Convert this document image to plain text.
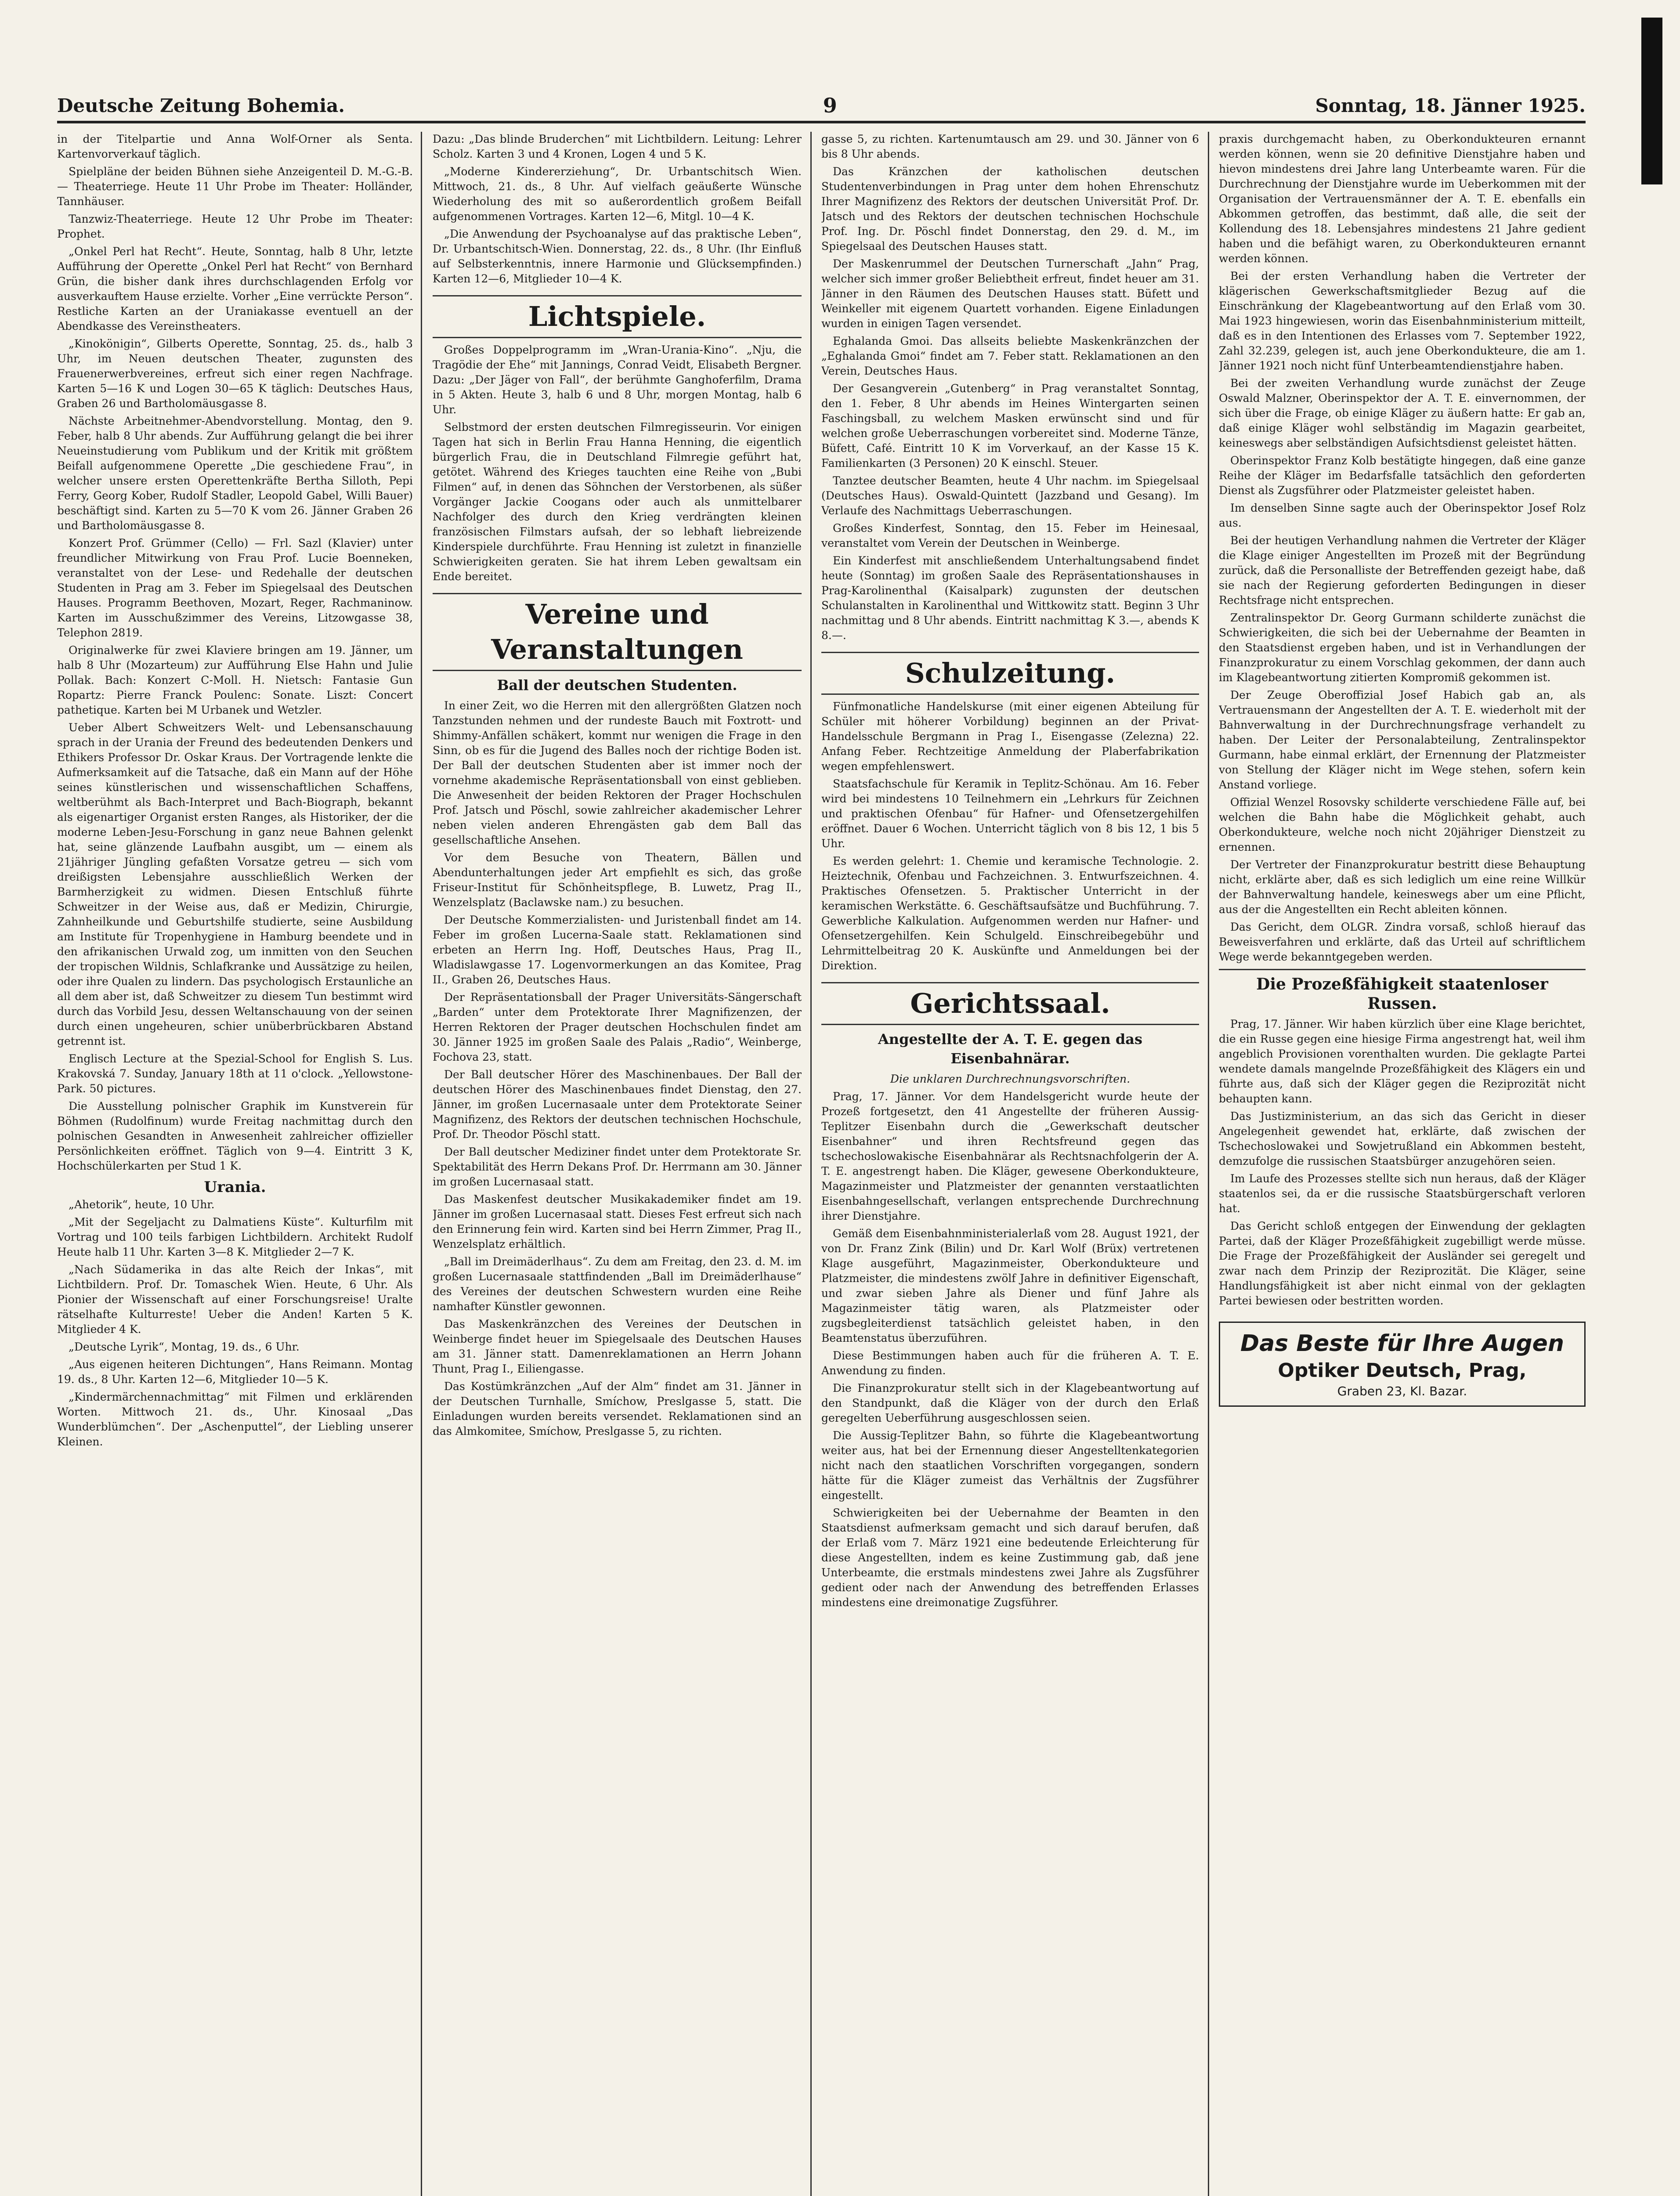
Deutsche Zeitung Bohemia.	9	Sonntag, 18. Jänner 1925.

in der Titelpartie und Anna Wolf-Orner als Senta. Kartenvorverkauf täglich.

Spielpläne der beiden Bühnen siehe Anzeigenteil D. M.-G.-B. — Theaterriege. Heute 11 Uhr Probe im Theater: Holländer, Tannhäuser.

Tanzwiz-Theaterriege. Heute 12 Uhr Probe im Theater: Prophet.

„Onkel Perl hat Recht“. Heute, Sonntag, halb 8 Uhr, letzte Aufführung der Operette „Onkel Perl hat Recht“ von Bernhard Grün, die bisher dank ihres durchschlagenden Erfolg vor ausverkauftem Hause erzielte. Vorher „Eine verrückte Person“. Restliche Karten an der Uraniakasse eventuell an der Abendkasse des Vereinstheaters.

„Kinokönigin“, Gilberts Operette, Sonntag, 25. ds., halb 3 Uhr, im Neuen deutschen Theater, zugunsten des Frauenerwerbvereines, erfreut sich einer regen Nachfrage. Karten 5—16 K und Logen 30—65 K täglich: Deutsches Haus, Graben 26 und Bartholomäusgasse 8.

Nächste Arbeitnehmer-Abendvorstellung. Montag, den 9. Feber, halb 8 Uhr abends. Zur Aufführung gelangt die bei ihrer Neueinstudierung vom Publikum und der Kritik mit größtem Beifall aufgenommene Operette „Die geschiedene Frau“, in welcher unsere ersten Operettenkräfte Bertha Silloth, Pepi Ferry, Georg Kober, Rudolf Stadler, Leopold Gabel, Willi Bauer) beschäftigt sind. Karten zu 5—70 K vom 26. Jänner Graben 26 und Bartholomäusgasse 8.

Konzert Prof. Grümmer (Cello) — Frl. Sazl (Klavier) unter freundlicher Mitwirkung von Frau Prof. Lucie Boenneken, veranstaltet von der Lese- und Redehalle der deutschen Studenten in Prag am 3. Feber im Spiegelsaal des Deutschen Hauses. Programm Beethoven, Mozart, Reger, Rachmaninow. Karten im Ausschußzimmer des Vereins, Litzowgasse 38, Telephon 2819.

Originalwerke für zwei Klaviere bringen am 19. Jänner, um halb 8 Uhr (Mozarteum) zur Aufführung Else Hahn und Julie Pollak. Bach: Konzert C-Moll. H. Nietsch: Fantasie Gun Ropartz: Pierre Franck Poulenc: Sonate. Liszt: Concert pathetique. Karten bei M Urbanek und Wetzler.

Ueber Albert Schweitzers Welt- und Lebensanschauung sprach in der Urania der Freund des bedeutenden Denkers und Ethikers Professor Dr. Oskar Kraus. Der Vortragende lenkte die Aufmerksamkeit auf die Tatsache, daß ein Mann auf der Höhe seines künstlerischen und wissenschaftlichen Schaffens, weltberühmt als Bach-Interpret und Bach-Biograph, bekannt als eigenartiger Organist ersten Ranges, als Historiker, der die moderne Leben-Jesu-Forschung in ganz neue Bahnen gelenkt hat, seine glänzende Laufbahn ausgibt, um — einem als 21jähriger Jüngling gefaßten Vorsatze getreu — sich vom dreißigsten Lebensjahre ausschließlich Werken der Barmherzigkeit zu widmen. Diesen Entschluß führte Schweitzer in der Weise aus, daß er Medizin, Chirurgie, Zahnheilkunde und Geburtshilfe studierte, seine Ausbildung am Institute für Tropenhygiene in Hamburg beendete und in den afrikanischen Urwald zog, um inmitten von den Seuchen der tropischen Wildnis, Schlafkranke und Aussätzige zu heilen, oder ihre Qualen zu lindern. Das psychologisch Erstaunliche an all dem aber ist, daß Schweitzer zu diesem Tun bestimmt wird durch das Vorbild Jesu, dessen Weltanschauung von der seinen durch einen ungeheuren, schier unüberbrückbaren Abstand getrennt ist.

Englisch Lecture at the Spezial-School for English S. Lus. Krakovská 7. Sunday, January 18th at 11 o'clock. „Yellowstone-Park. 50 pictures.

Die Ausstellung polnischer Graphik im Kunstverein für Böhmen (Rudolfinum) wurde Freitag nachmittag durch den polnischen Gesandten in Anwesenheit zahlreicher offizieller Persönlichkeiten eröffnet. Täglich von 9—4. Eintritt 3 K, Hochschülerkarten per Stud 1 K.

Urania.

„Ahetorik“, heute, 10 Uhr.

„Mit der Segeljacht zu Dalmatiens Küste“. Kulturfilm mit Vortrag und 100 teils farbigen Lichtbildern. Architekt Rudolf Heute halb 11 Uhr. Karten 3—8 K. Mitglieder 2—7 K.

„Nach Südamerika in das alte Reich der Inkas“, mit Lichtbildern. Prof. Dr. Tomaschek Wien. Heute, 6 Uhr. Als Pionier der Wissenschaft auf einer Forschungsreise! Uralte rätselhafte Kulturreste! Ueber die Anden! Karten 5 K. Mitglieder 4 K.

„Deutsche Lyrik“, Montag, 19. ds., 6 Uhr.

„Aus eigenen heiteren Dichtungen“, Hans Reimann. Montag 19. ds., 8 Uhr. Karten 12—6, Mitglieder 10—5 K.

„Kindermärchennachmittag“ mit Filmen und erklärenden Worten. Mittwoch 21. ds., Uhr. Kinosaal „Das Wunderblümchen“. Der „Aschenputtel“, der Liebling unserer Kleinen.

Dazu: „Das blinde Bruderchen“ mit Lichtbildern. Leitung: Lehrer Scholz. Karten 3 und 4 Kronen, Logen 4 und 5 K.

„Moderne Kindererziehung“, Dr. Urbantschitsch Wien. Mittwoch, 21. ds., 8 Uhr. Auf vielfach geäußerte Wünsche Wiederholung des mit so außerordentlich großem Beifall aufgenommenen Vortrages. Karten 12—6, Mitgl. 10—4 K.

„Die Anwendung der Psychoanalyse auf das praktische Leben“, Dr. Urbantschitsch-Wien. Donnerstag, 22. ds., 8 Uhr. (Ihr Einfluß auf Selbsterkenntnis, innere Harmonie und Glücksempfinden.) Karten 12—6, Mitglieder 10—4 K.

Lichtspiele.

Großes Doppelprogramm im „Wran-Urania-Kino“. „Nju, die Tragödie der Ehe“ mit Jannings, Conrad Veidt, Elisabeth Bergner. Dazu: „Der Jäger von Fall“, der berühmte Ganghoferfilm, Drama in 5 Akten. Heute 3, halb 6 und 8 Uhr, morgen Montag, halb 6 Uhr.

Selbstmord der ersten deutschen Filmregisseurin. Vor einigen Tagen hat sich in Berlin Frau Hanna Henning, die eigentlich bürgerlich Frau, die in Deutschland Filmregie geführt hat, getötet. Während des Krieges tauchten eine Reihe von „Bubi Filmen“ auf, in denen das Söhnchen der Verstorbenen, als süßer Vorgänger Jackie Coogans oder auch als unmittelbarer Nachfolger des durch den Krieg verdrängten kleinen französischen Filmstars aufsah, der so lebhaft liebreizende Kinderspiele durchführte. Frau Henning ist zuletzt in finanzielle Schwierigkeiten geraten. Sie hat ihrem Leben gewaltsam ein Ende bereitet.

Vereine und Veranstaltungen
Ball der deutschen Studenten.

In einer Zeit, wo die Herren mit den allergrößten Glatzen noch Tanzstunden nehmen und der rundeste Bauch mit Foxtrott- und Shimmy-Anfällen schäkert, kommt nur wenigen die Frage in den Sinn, ob es für die Jugend des Balles noch der richtige Boden ist. Der Ball der deutschen Studenten aber ist immer noch der vornehme akademische Repräsentationsball von einst geblieben. Die Anwesenheit der beiden Rektoren der Prager Hochschulen Prof. Jatsch und Pöschl, sowie zahlreicher akademischer Lehrer neben vielen anderen Ehrengästen gab dem Ball das gesellschaftliche Ansehen.

Vor dem Besuche von Theatern, Bällen und Abendunterhaltungen jeder Art empfiehlt es sich, das große Friseur-Institut für Schönheitspflege, B. Luwetz, Prag II., Wenzelsplatz (Baclawske nam.) zu besuchen.

Der Deutsche Kommerzialisten- und Juristenball findet am 14. Feber im großen Lucerna-Saale statt. Reklamationen sind erbeten an Herrn Ing. Hoff, Deutsches Haus, Prag II., Wladislawgasse 17. Logenvormerkungen an das Komitee, Prag II., Graben 26, Deutsches Haus.

Der Repräsentationsball der Prager Universitäts-Sängerschaft „Barden“ unter dem Protektorate Ihrer Magnifizenzen, der Herren Rektoren der Prager deutschen Hochschulen findet am 30. Jänner 1925 im großen Saale des Palais „Radio“, Weinberge, Fochova 23, statt.

Der Ball deutscher Hörer des Maschinenbaues. Der Ball der deutschen Hörer des Maschinenbaues findet Dienstag, den 27. Jänner, im großen Lucernasaale unter dem Protektorate Seiner Magnifizenz, des Rektors der deutschen technischen Hochschule, Prof. Dr. Theodor Pöschl statt.

Der Ball deutscher Mediziner findet unter dem Protektorate Sr. Spektabilität des Herrn Dekans Prof. Dr. Herrmann am 30. Jänner im großen Lucernasaal statt.

Das Maskenfest deutscher Musikakademiker findet am 19. Jänner im großen Lucernasaal statt. Dieses Fest erfreut sich nach den Erinnerung fein wird. Karten sind bei Herrn Zimmer, Prag II., Wenzelsplatz erhältlich.

„Ball im Dreimäderlhaus“. Zu dem am Freitag, den 23. d. M. im großen Lucernasaale stattfindenden „Ball im Dreimäderlhause“ des Vereines der deutschen Schwestern wurden eine Reihe namhafter Künstler gewonnen.

Das Maskenkränzchen des Vereines der Deutschen in Weinberge findet heuer im Spiegelsaale des Deutschen Hauses am 31. Jänner statt. Damenreklamationen an Herrn Johann Thunt, Prag I., Eiliengasse.

Das Kostümkränzchen „Auf der Alm“ findet am 31. Jänner in der Deutschen Turnhalle, Smíchow, Preslgasse 5, statt. Die Einladungen wurden bereits versendet. Reklamationen sind an das Almkomitee, Smíchow, Preslgasse 5, zu richten.

gasse 5, zu richten. Kartenumtausch am 29. und 30. Jänner von 6 bis 8 Uhr abends.

Das Kränzchen der katholischen deutschen Studentenverbindungen in Prag unter dem hohen Ehrenschutz Ihrer Magnifizenz des Rektors der deutschen Universität Prof. Dr. Jatsch und des Rektors der deutschen technischen Hochschule Prof. Ing. Dr. Pöschl findet Donnerstag, den 29. d. M., im Spiegelsaal des Deutschen Hauses statt.

Der Maskenrummel der Deutschen Turnerschaft „Jahn“ Prag, welcher sich immer großer Beliebtheit erfreut, findet heuer am 31. Jänner in den Räumen des Deutschen Hauses statt. Büfett und Weinkeller mit eigenem Quartett vorhanden. Eigene Einladungen wurden in einigen Tagen versendet.

Eghalanda Gmoi. Das allseits beliebte Maskenkränzchen der „Eghalanda Gmoi“ findet am 7. Feber statt. Reklamationen an den Verein, Deutsches Haus.

Der Gesangverein „Gutenberg“ in Prag veranstaltet Sonntag, den 1. Feber, 8 Uhr abends im Heines Wintergarten seinen Faschingsball, zu welchem Masken erwünscht sind und für welchen große Ueberraschungen vorbereitet sind. Moderne Tänze, Büfett, Café. Eintritt 10 K im Vorverkauf, an der Kasse 15 K. Familienkarten (3 Personen) 20 K einschl. Steuer.

Tanztee deutscher Beamten, heute 4 Uhr nachm. im Spiegelsaal (Deutsches Haus). Oswald-Quintett (Jazzband und Gesang). Im Verlaufe des Nachmittags Ueberraschungen.

Großes Kinderfest, Sonntag, den 15. Feber im Heinesaal, veranstaltet vom Verein der Deutschen in Weinberge.

Ein Kinderfest mit anschließendem Unterhaltungsabend findet heute (Sonntag) im großen Saale des Repräsentationshauses in Prag-Karolinenthal (Kaisalpark) zugunsten der deutschen Schulanstalten in Karolinenthal und Wittkowitz statt. Beginn 3 Uhr nachmittag und 8 Uhr abends. Eintritt nachmittag K 3.—, abends K 8.—.

Schulzeitung.

Fünfmonatliche Handelskurse (mit einer eigenen Abteilung für Schüler mit höherer Vorbildung) beginnen an der Privat-Handelsschule Bergmann in Prag I., Eisengasse (Zelezna) 22. Anfang Feber. Rechtzeitige Anmeldung der Plaberfabrikation wegen empfehlenswert.

Staatsfachschule für Keramik in Teplitz-Schönau. Am 16. Feber wird bei mindestens 10 Teilnehmern ein „Lehrkurs für Zeichnen und praktischen Ofenbau“ für Hafner- und Ofensetzergehilfen eröffnet. Dauer 6 Wochen. Unterricht täglich von 8 bis 12, 1 bis 5 Uhr.

Es werden gelehrt: 1. Chemie und keramische Technologie. 2. Heiztechnik, Ofenbau und Fachzeichnen. 3. Entwurfszeichnen. 4. Praktisches Ofensetzen. 5. Praktischer Unterricht in der keramischen Werkstätte. 6. Geschäftsaufsätze und Buchführung. 7. Gewerbliche Kalkulation. Aufgenommen werden nur Hafner- und Ofensetzergehilfen. Kein Schulgeld. Einschreibegebühr und Lehrmittelbeitrag 20 K. Auskünfte und Anmeldungen bei der Direktion.

Gerichtssaal.
Angestellte der A. T. E. gegen das Eisenbahnärar.

Die unklaren Durchrechnungsvorschriften.

Prag, 17. Jänner. Vor dem Handelsgericht wurde heute der Prozeß fortgesetzt, den 41 Angestellte der früheren Aussig-Teplitzer Eisenbahn durch die „Gewerkschaft deutscher Eisenbahner“ und ihren Rechtsfreund gegen das tschechoslowakische Eisenbahnärar als Rechtsnachfolgerin der A. T. E. angestrengt haben. Die Kläger, gewesene Oberkondukteure, Magazinmeister und Platzmeister der genannten verstaatlichten Eisenbahngesellschaft, verlangen entsprechende Durchrechnung ihrer Dienstjahre.

Gemäß dem Eisenbahnministerialerlaß vom 28. August 1921, der von Dr. Franz Zink (Bilin) und Dr. Karl Wolf (Brüx) vertretenen Klage ausgeführt, Magazinmeister, Oberkondukteure und Platzmeister, die mindestens zwölf Jahre in definitiver Eigenschaft, und zwar sieben Jahre als Diener und fünf Jahre als Magazinmeister tätig waren, als Platzmeister oder zugsbegleiterdienst tatsächlich geleistet haben, in den Beamtenstatus überzuführen.

Diese Bestimmungen haben auch für die früheren A. T. E. Anwendung zu finden.

Die Finanzprokuratur stellt sich in der Klagebeantwortung auf den Standpunkt, daß die Kläger von der durch den Erlaß geregelten Ueberführung ausgeschlossen seien.

Die Aussig-Teplitzer Bahn, so führte die Klagebeantwortung weiter aus, hat bei der Ernennung dieser Angestelltenkategorien nicht nach den staatlichen Vorschriften vorgegangen, sondern hätte für die Kläger zumeist das Verhältnis der Zugsführer eingestellt.

Schwierigkeiten bei der Uebernahme der Beamten in den Staatsdienst aufmerksam gemacht und sich darauf berufen, daß der Erlaß vom 7. März 1921 eine bedeutende Erleichterung für diese Angestellten, indem es keine Zustimmung gab, daß jene Unterbeamte, die erstmals mindestens zwei Jahre als Zugsführer gedient oder nach der Anwendung des betreffenden Erlasses mindestens eine dreimonatige Zugsführer.

praxis durchgemacht haben, zu Oberkondukteuren ernannt werden können, wenn sie 20 definitive Dienstjahre haben und hievon mindestens drei Jahre lang Unterbeamte waren. Für die Durchrechnung der Dienstjahre wurde im Ueberkommen mit der Organisation der Vertrauensmänner der A. T. E. ebenfalls ein Abkommen getroffen, das bestimmt, daß alle, die seit der Kollendung des 18. Lebensjahres mindestens 21 Jahre gedient haben und die befähigt waren, zu Oberkondukteuren ernannt werden können.

Bei der ersten Verhandlung haben die Vertreter der klägerischen Gewerkschaftsmitglieder Bezug auf die Einschränkung der Klagebeantwortung auf den Erlaß vom 30. Mai 1923 hingewiesen, worin das Eisenbahnministerium mitteilt, daß es in den Intentionen des Erlasses vom 7. September 1922, Zahl 32.239, gelegen ist, auch jene Oberkondukteure, die am 1. Jänner 1921 noch nicht fünf Unterbeamtendienstjahre haben.

Bei der zweiten Verhandlung wurde zunächst der Zeuge Oswald Malzner, Oberinspektor der A. T. E. einvernommen, der sich über die Frage, ob einige Kläger zu äußern hatte: Er gab an, daß einige Kläger wohl selbständig im Magazin gearbeitet, keineswegs aber selbständigen Aufsichtsdienst geleistet hätten.

Oberinspektor Franz Kolb bestätigte hingegen, daß eine ganze Reihe der Kläger im Bedarfsfalle tatsächlich den geforderten Dienst als Zugsführer oder Platzmeister geleistet haben.

Im denselben Sinne sagte auch der Oberinspektor Josef Rolz aus.

Bei der heutigen Verhandlung nahmen die Vertreter der Kläger die Klage einiger Angestellten im Prozeß mit der Begründung zurück, daß die Personalliste der Betreffenden gezeigt habe, daß sie nach der Regierung geforderten Bedingungen in dieser Rechtsfrage nicht entsprechen.

Zentralinspektor Dr. Georg Gurmann schilderte zunächst die Schwierigkeiten, die sich bei der Uebernahme der Beamten in den Staatsdienst ergeben haben, und ist in Verhandlungen der Finanzprokuratur zu einem Vorschlag gekommen, der dann auch im Klagebeantwortung zitierten Kompromiß gekommen ist.

Der Zeuge Oberoffizial Josef Habich gab an, als Vertrauensmann der Angestellten der A. T. E. wiederholt mit der Bahnverwaltung in der Durchrechnungsfrage verhandelt zu haben. Der Leiter der Personalabteilung, Zentralinspektor Gurmann, habe einmal erklärt, der Ernennung der Platzmeister von Stellung der Kläger nicht im Wege stehen, sofern kein Anstand vorliege.

Offizial Wenzel Rosovsky schilderte verschiedene Fälle auf, bei welchen die Bahn habe die Möglichkeit gehabt, auch Oberkondukteure, welche noch nicht 20jähriger Dienstzeit zu ernennen.

Der Vertreter der Finanzprokuratur bestritt diese Behauptung nicht, erklärte aber, daß es sich lediglich um eine reine Willkür der Bahnverwaltung handele, keineswegs aber um eine Pflicht, aus der die Angestellten ein Recht ableiten können.

Das Gericht, dem OLGR. Zindra vorsaß, schloß hierauf das Beweisverfahren und erklärte, daß das Urteil auf schriftlichem Wege werde bekanntgegeben werden.

Die Prozeßfähigkeit staatenloser Russen.

Prag, 17. Jänner. Wir haben kürzlich über eine Klage berichtet, die ein Russe gegen eine hiesige Firma angestrengt hat, weil ihm angeblich Provisionen vorenthalten wurden. Die geklagte Partei wendete damals mangelnde Prozeßfähigkeit des Klägers ein und führte aus, daß sich der Kläger gegen die Reziprozität nicht behaupten kann.

Das Justizministerium, an das sich das Gericht in dieser Angelegenheit gewendet hat, erklärte, daß zwischen der Tschechoslowakei und Sowjetrußland ein Abkommen besteht, demzufolge die russischen Staatsbürger anzugehören seien.

Im Laufe des Prozesses stellte sich nun heraus, daß der Kläger staatenlos sei, da er die russische Staatsbürgerschaft verloren hat.

Das Gericht schloß entgegen der Einwendung der geklagten Partei, daß der Kläger Prozeßfähigkeit zugebilligt werde müsse. Die Frage der Prozeßfähigkeit der Ausländer sei geregelt und zwar nach dem Prinzip der Reziprozität. Die Kläger, seine Handlungsfähigkeit ist aber nicht einmal von der geklagten Partei bewiesen oder bestritten worden.

Das Beste für Ihre Augen
Optiker Deutsch, Prag,
Graben 23, Kl. Bazar.
